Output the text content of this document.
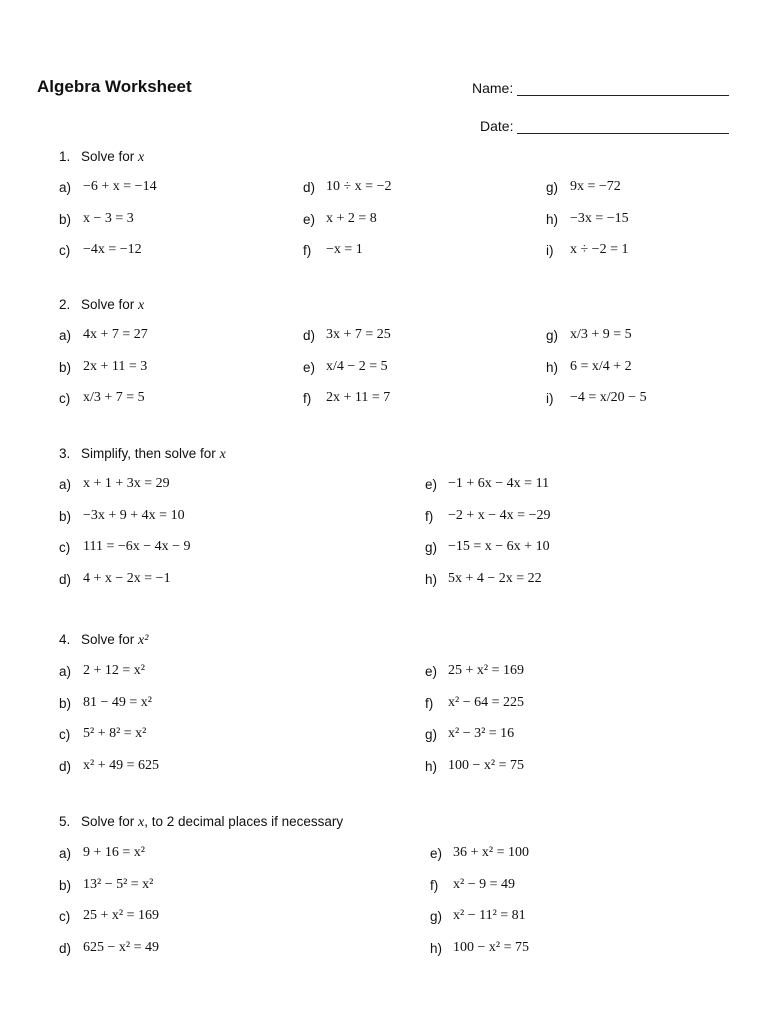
Algebra Worksheet	Name:
Date:
1. Solve for x
a) −6 + x = −14
b) x − 3 = 3
c) −4x = −12
d) 10 ÷ x = −2
e) x + 2 = 8
f) −x = 1
g) 9x = −72
h) −3x = −15
i) x ÷ −2 = 1
2. Solve for x
a) 4x + 7 = 27
b) 2x + 11 = 3
c) x/3 + 7 = 5
d) 3x + 7 = 25
e) x/4 − 2 = 5
f) 2x + 11 = 7
g) x/3 + 9 = 5
h) 6 = x/4 + 2
i) −4 = x/20 − 5
3. Simplify, then solve for x
a) x + 1 + 3x = 29
b) −3x + 9 + 4x = 10
c) 111 = −6x − 4x − 9
d) 4 + x − 2x = −1
e) −1 + 6x − 4x = 11
f) −2 + x − 4x = −29
g) −15 = x − 6x + 10
h) 5x + 4 − 2x = 22
4. Solve for x²
a) 2 + 12 = x²
b) 81 − 49 = x²
c) 5² + 8² = x²
d) x² + 49 = 625
e) 25 + x² = 169
f) x² − 64 = 225
g) x² − 3² = 16
h) 100 − x² = 75
5. Solve for x, to 2 decimal places if necessary
a) 9 + 16 = x²
b) 13² − 5² = x²
c) 25 + x² = 169
d) 625 − x² = 49
e) 36 + x² = 100
f) x² − 9 = 49
g) x² − 11² = 81
h) 100 − x² = 75
